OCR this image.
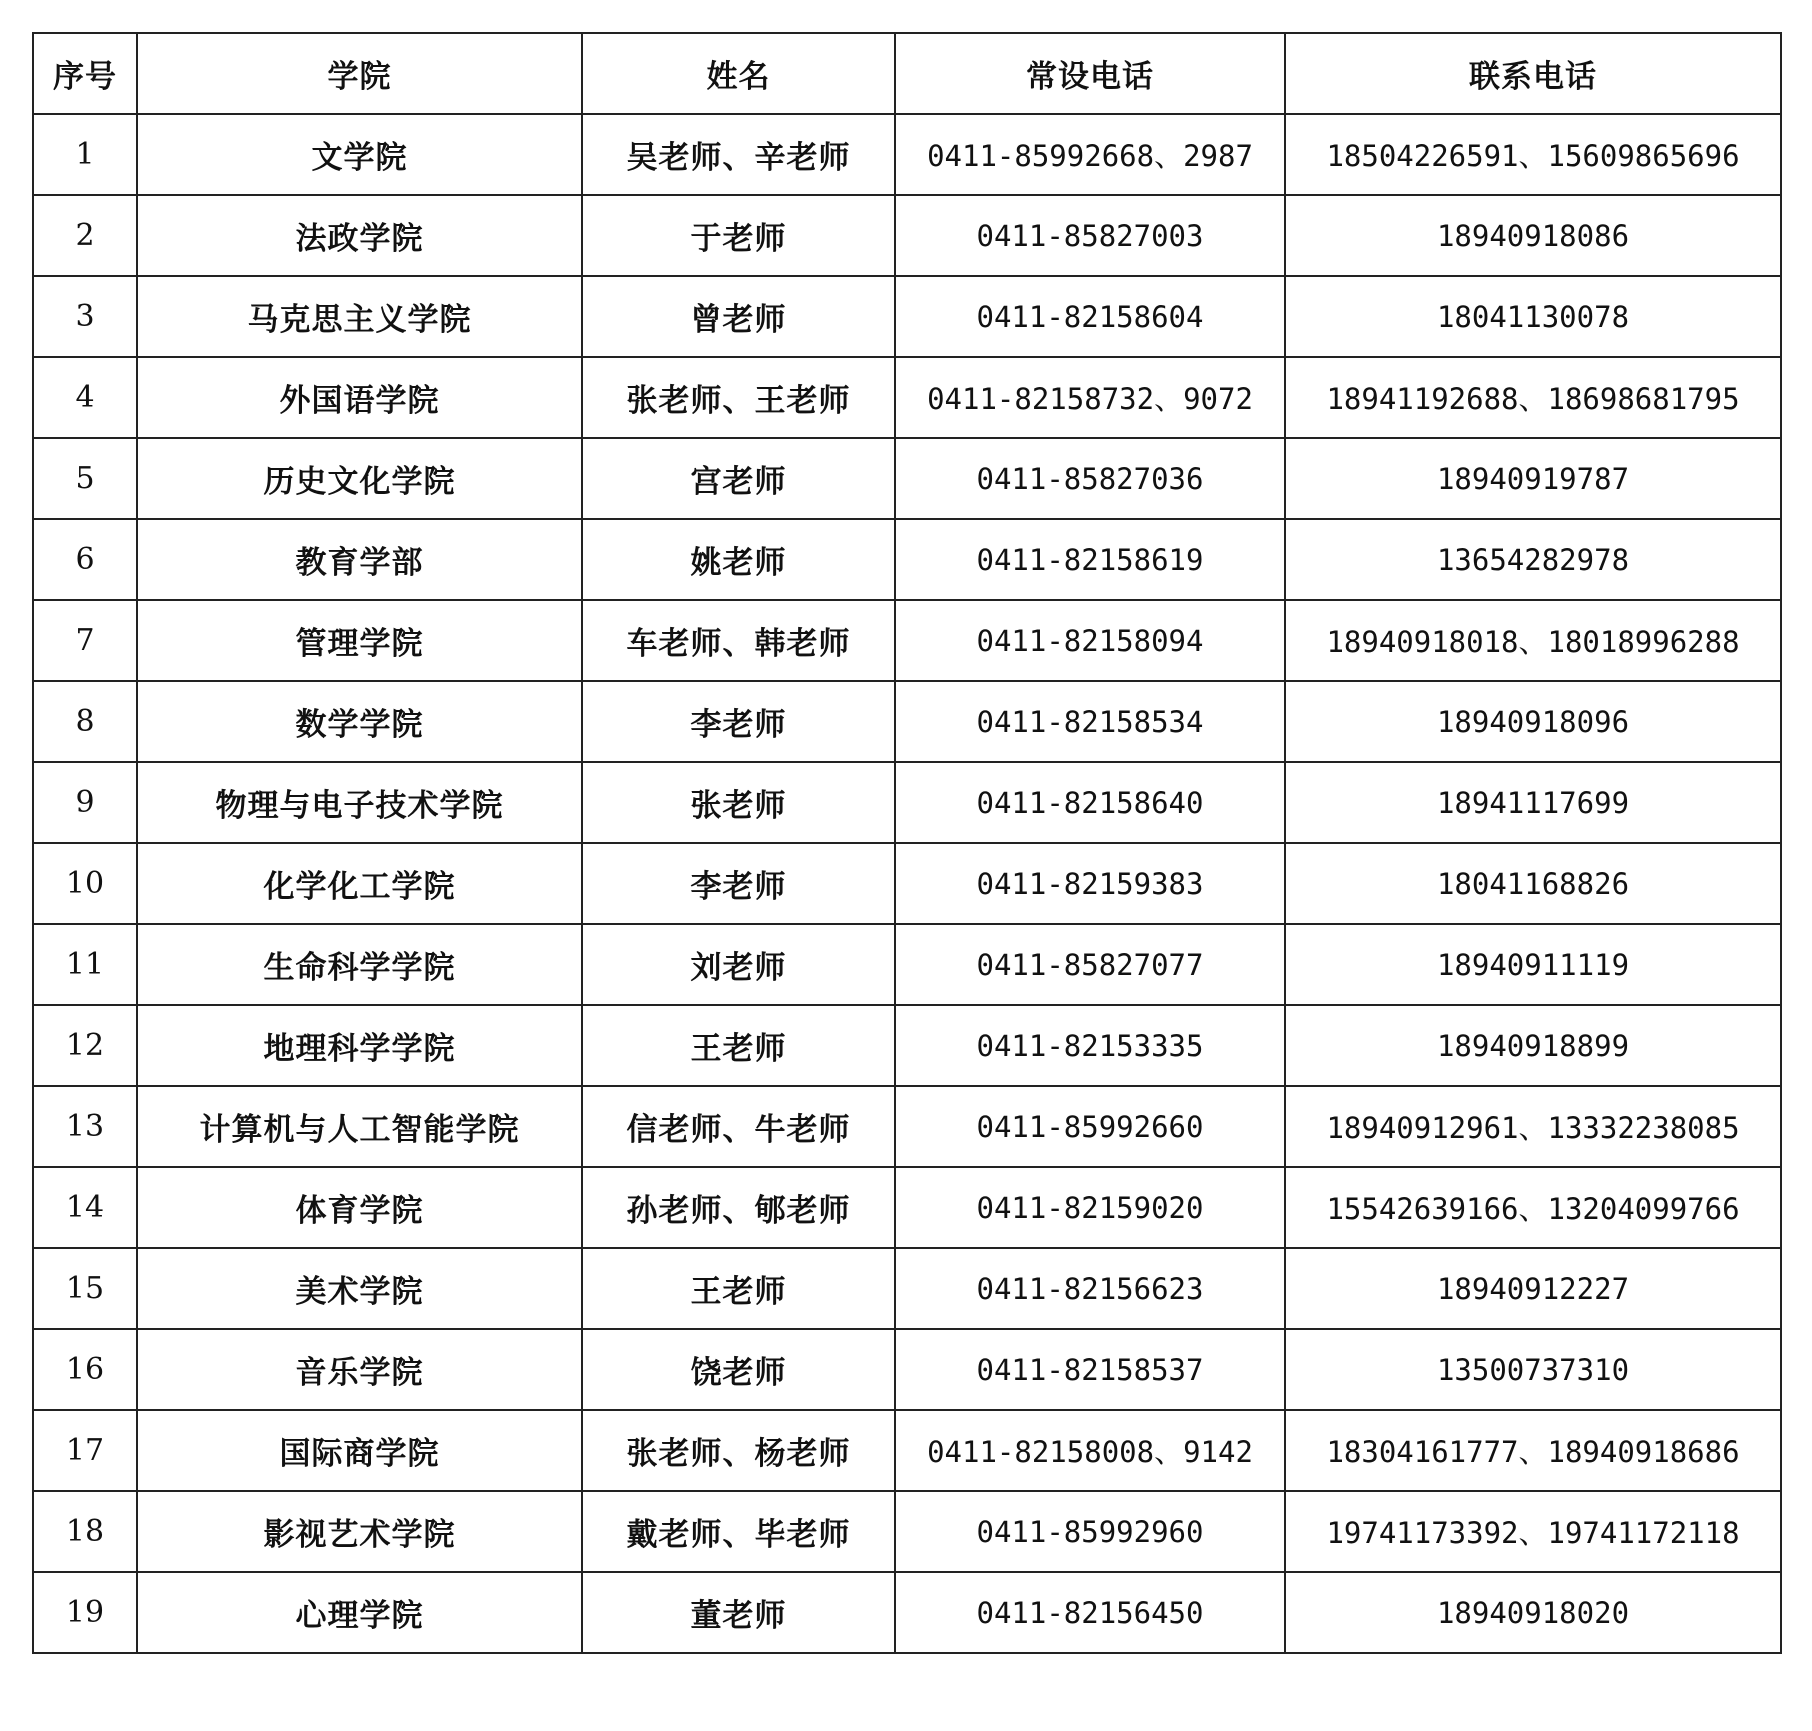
序号	学院	姓名	常设电话	联系电话
1	文学院	吴老师、辛老师	0411-85992668、2987	18504226591、15609865696
2	法政学院	于老师	0411-85827003	18940918086
3	马克思主义学院	曾老师	0411-82158604	18041130078
4	外国语学院	张老师、王老师	0411-82158732、9072	18941192688、18698681795
5	历史文化学院	宫老师	0411-85827036	18940919787
6	教育学部	姚老师	0411-82158619	13654282978
7	管理学院	车老师、韩老师	0411-82158094	18940918018、18018996288
8	数学学院	李老师	0411-82158534	18940918096
9	物理与电子技术学院	张老师	0411-82158640	18941117699
10	化学化工学院	李老师	0411-82159383	18041168826
11	生命科学学院	刘老师	0411-85827077	18940911119
12	地理科学学院	王老师	0411-82153335	18940918899
13	计算机与人工智能学院	信老师、牛老师	0411-85992660	18940912961、13332238085
14	体育学院	孙老师、郇老师	0411-82159020	15542639166、13204099766
15	美术学院	王老师	0411-82156623	18940912227
16	音乐学院	饶老师	0411-82158537	13500737310
17	国际商学院	张老师、杨老师	0411-82158008、9142	18304161777、18940918686
18	影视艺术学院	戴老师、毕老师	0411-85992960	19741173392、19741172118
19	心理学院	董老师	0411-82156450	18940918020
